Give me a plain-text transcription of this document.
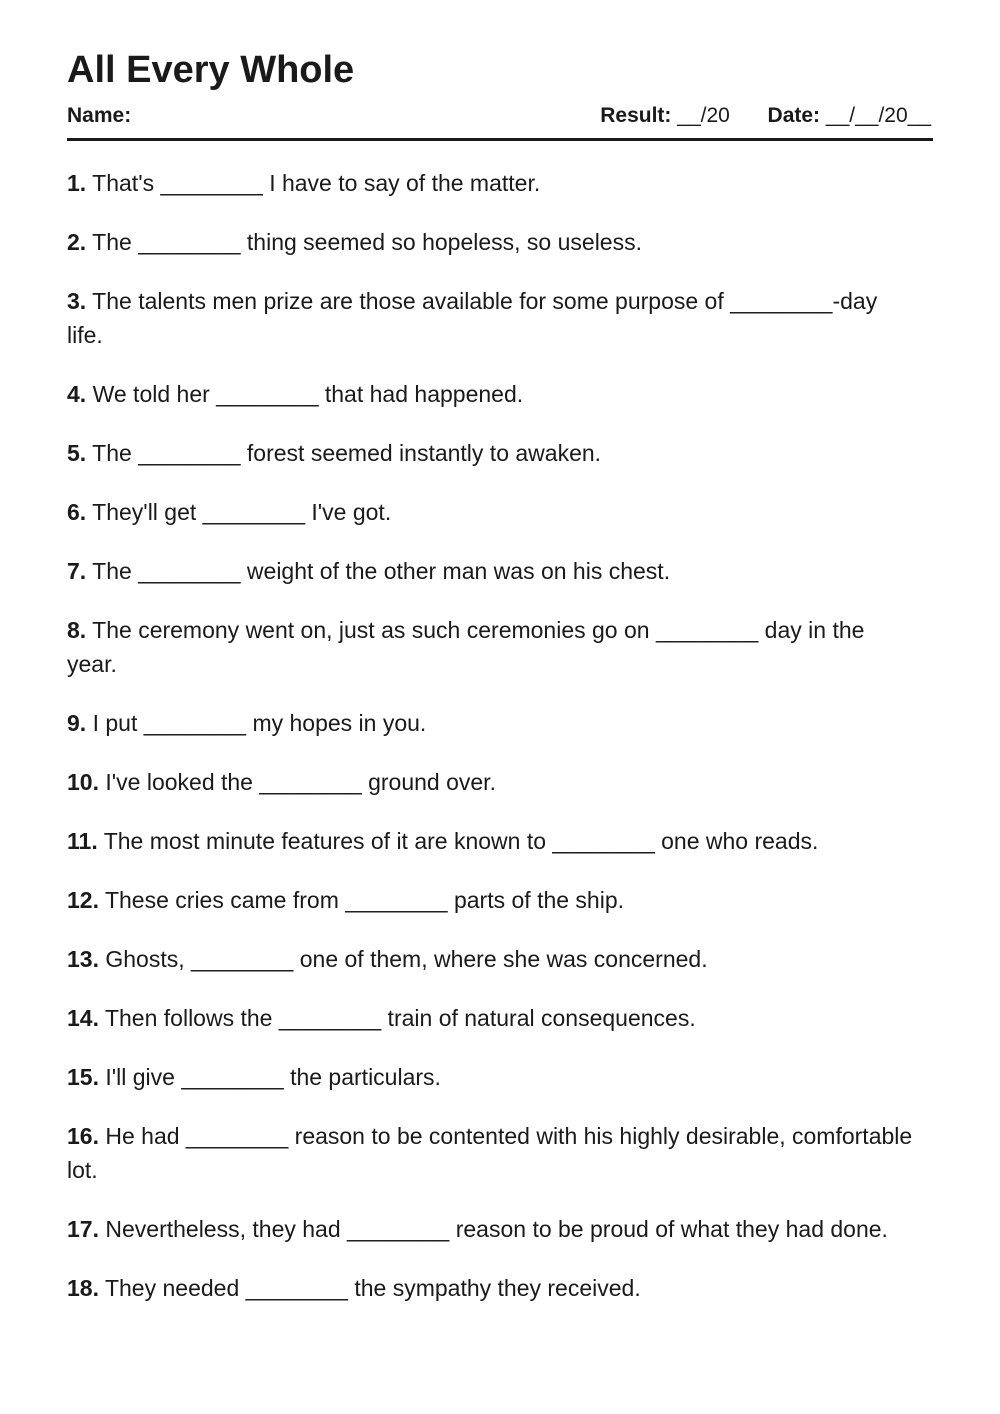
All Every Whole
Name:	Result: __/20 Date: __/__/20__
1. That's ________ I have to say of the matter.
2. The ________ thing seemed so hopeless, so useless.
3. The talents men prize are those available for some purpose of ________-day life.
4. We told her ________ that had happened.
5. The ________ forest seemed instantly to awaken.
6. They'll get ________ I've got.
7. The ________ weight of the other man was on his chest.
8. The ceremony went on, just as such ceremonies go on ________ day in the year.
9. I put ________ my hopes in you.
10. I've looked the ________ ground over.
11. The most minute features of it are known to ________ one who reads.
12. These cries came from ________ parts of the ship.
13. Ghosts, ________ one of them, where she was concerned.
14. Then follows the ________ train of natural consequences.
15. I'll give ________ the particulars.
16. He had ________ reason to be contented with his highly desirable, comfortable lot.
17. Nevertheless, they had ________ reason to be proud of what they had done.
18. They needed ________ the sympathy they received.
